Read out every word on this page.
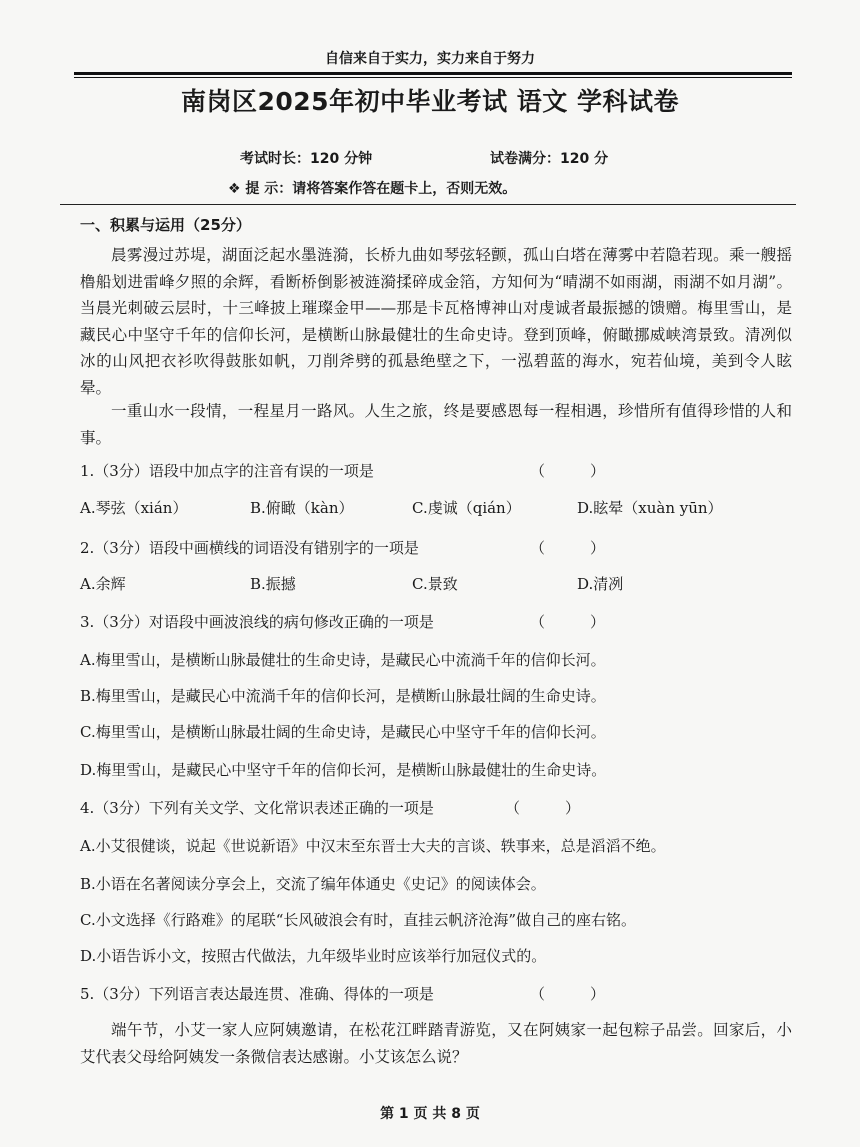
自信来自于实力，实力来自于努力
南岗区2025年初中毕业考试 语文 学科试卷
考试时长：120 分钟	试卷满分：120 分
❖ 提 示：请将答案作答在题卡上，否则无效。
一、积累与运用（25分）
晨雾漫过苏堤，湖面泛起水墨涟漪，长桥九曲如琴弦轻颤，孤山白塔在薄雾中若隐若现。乘一艘摇橹船划进雷峰夕照的余辉，看断桥倒影被涟漪揉碎成金箔，方知何为“晴湖不如雨湖，雨湖不如月湖”。当晨光刺破云层时，十三峰披上璀璨金甲——那是卡瓦格博神山对虔诚者最振撼的馈赠。梅里雪山，是藏民心中坚守千年的信仰长河，是横断山脉最健壮的生命史诗。登到顶峰，俯瞰挪威峡湾景致。清冽似冰的山风把衣衫吹得鼓胀如帆，刀削斧劈的孤悬绝壁之下，一泓碧蓝的海水，宛若仙境，美到令人眩晕。
一重山水一段情，一程星月一路风。人生之旅，终是要感恩每一程相遇，珍惜所有值得珍惜的人和事。
1.（3分）语段中加点字的注音有误的一项是	（　　　）
A.琴弦（xián）	B.俯瞰（kàn）	C.虔诚（qián）	D.眩晕（xuàn yūn）
2.（3分）语段中画横线的词语没有错别字的一项是	（　　　）
A.余辉	B.振撼	C.景致	D.清冽
3.（3分）对语段中画波浪线的病句修改正确的一项是	（　　　）
A.梅里雪山，是横断山脉最健壮的生命史诗，是藏民心中流淌千年的信仰长河。
B.梅里雪山，是藏民心中流淌千年的信仰长河，是横断山脉最壮阔的生命史诗。
C.梅里雪山，是横断山脉最壮阔的生命史诗，是藏民心中坚守千年的信仰长河。
D.梅里雪山，是藏民心中坚守千年的信仰长河，是横断山脉最健壮的生命史诗。
4.（3分）下列有关文学、文化常识表述正确的一项是	（　　　）
A.小艾很健谈，说起《世说新语》中汉末至东晋士大夫的言谈、轶事来，总是滔滔不绝。
B.小语在名著阅读分享会上，交流了编年体通史《史记》的阅读体会。
C.小文选择《行路难》的尾联“长风破浪会有时，直挂云帆济沧海”做自己的座右铭。
D.小语告诉小文，按照古代做法，九年级毕业时应该举行加冠仪式的。
5.（3分）下列语言表达最连贯、准确、得体的一项是	（　　　）
端午节，小艾一家人应阿姨邀请，在松花江畔踏青游览，又在阿姨家一起包粽子品尝。回家后，小艾代表父母给阿姨发一条微信表达感谢。小艾该怎么说？
第 1 页 共 8 页
